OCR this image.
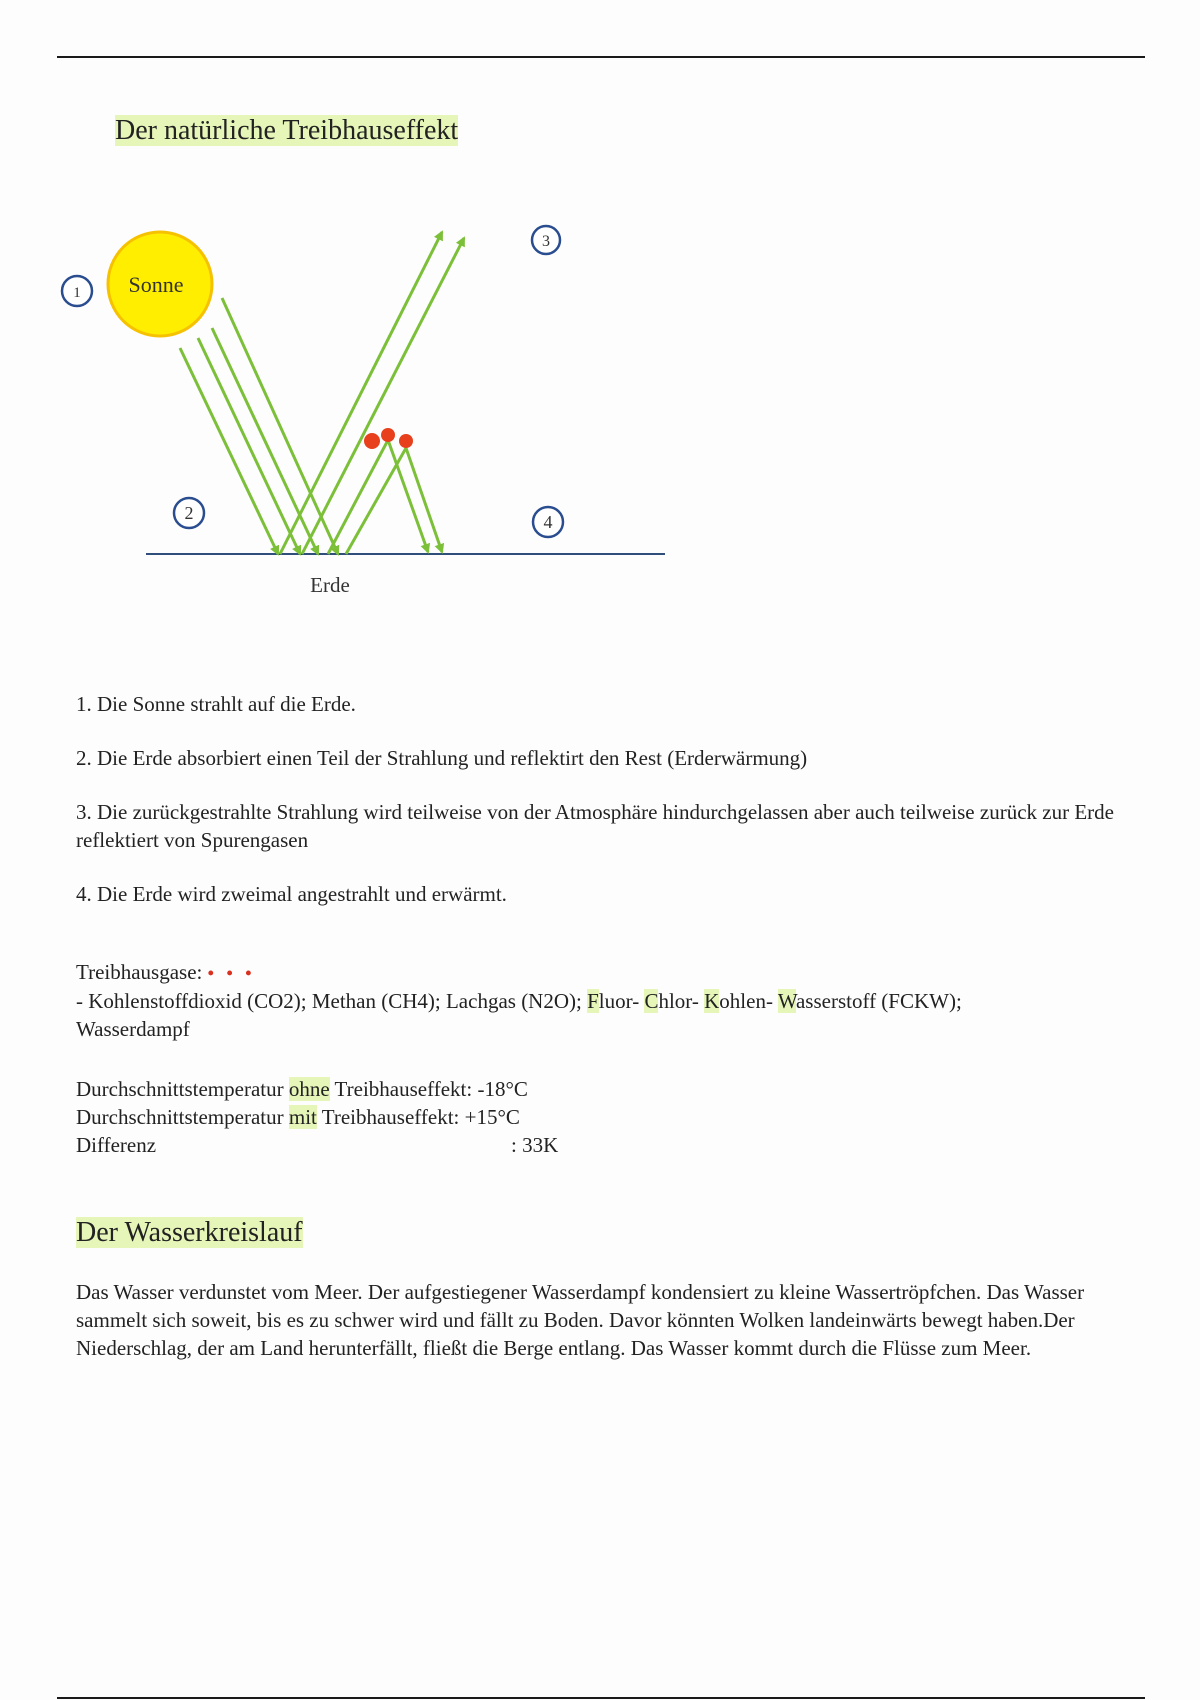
Der natürliche Treibhauseffekt
Sonne
Erde
1
2
3
4

1. Die Sonne strahlt auf die Erde.

2. Die Erde absorbiert einen Teil der Strahlung und reflektirt den Rest (Erderwärmung)

3. Die zurückgestrahlte Strahlung wird teilweise von der Atmosphäre hindurchgelassen aber auch teilweise zurück zur Erde reflektiert von Spurengasen

4. Die Erde wird zweimal angestrahlt und erwärmt.

Treibhausgase: • • •

- Kohlenstoffdioxid (CO2); Methan (CH4); Lachgas (N2O); Fluor- Chlor- Kohlen- Wasserstoff (FCKW);

Wasserdampf

Durchschnittstemperatur ohne Treibhauseffekt: -18°C
Durchschnittstemperatur mit Treibhauseffekt: +15°C
Differenz	: 33K
Der Wasserkreislauf

Das Wasser verdunstet vom Meer. Der aufgestiegener Wasserdampf kondensiert zu kleine Wassertröpfchen. Das Wasser sammelt sich soweit, bis es zu schwer wird und fällt zu Boden. Davor könnten Wolken landeinwärts bewegt haben.Der Niederschlag, der am Land herunterfällt, fließt die Berge entlang. Das Wasser kommt durch die Flüsse zum Meer.
